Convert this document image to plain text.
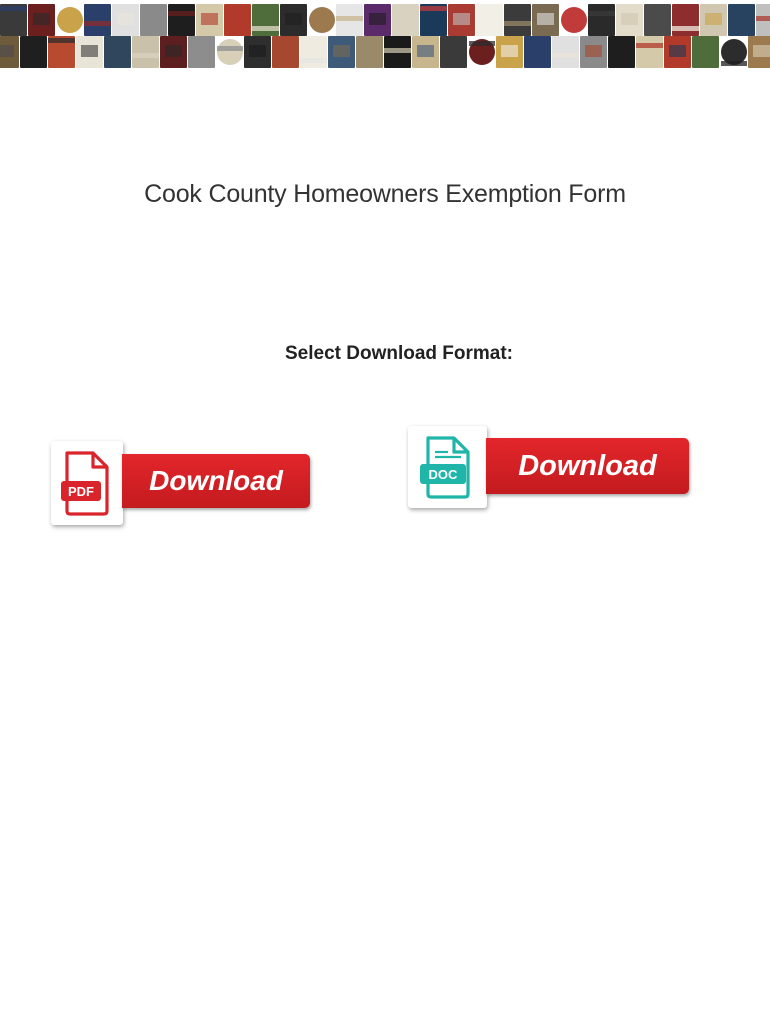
Cook County Homeowners Exemption Form
Select Download Format:
PDF	Download	DOC	Download
